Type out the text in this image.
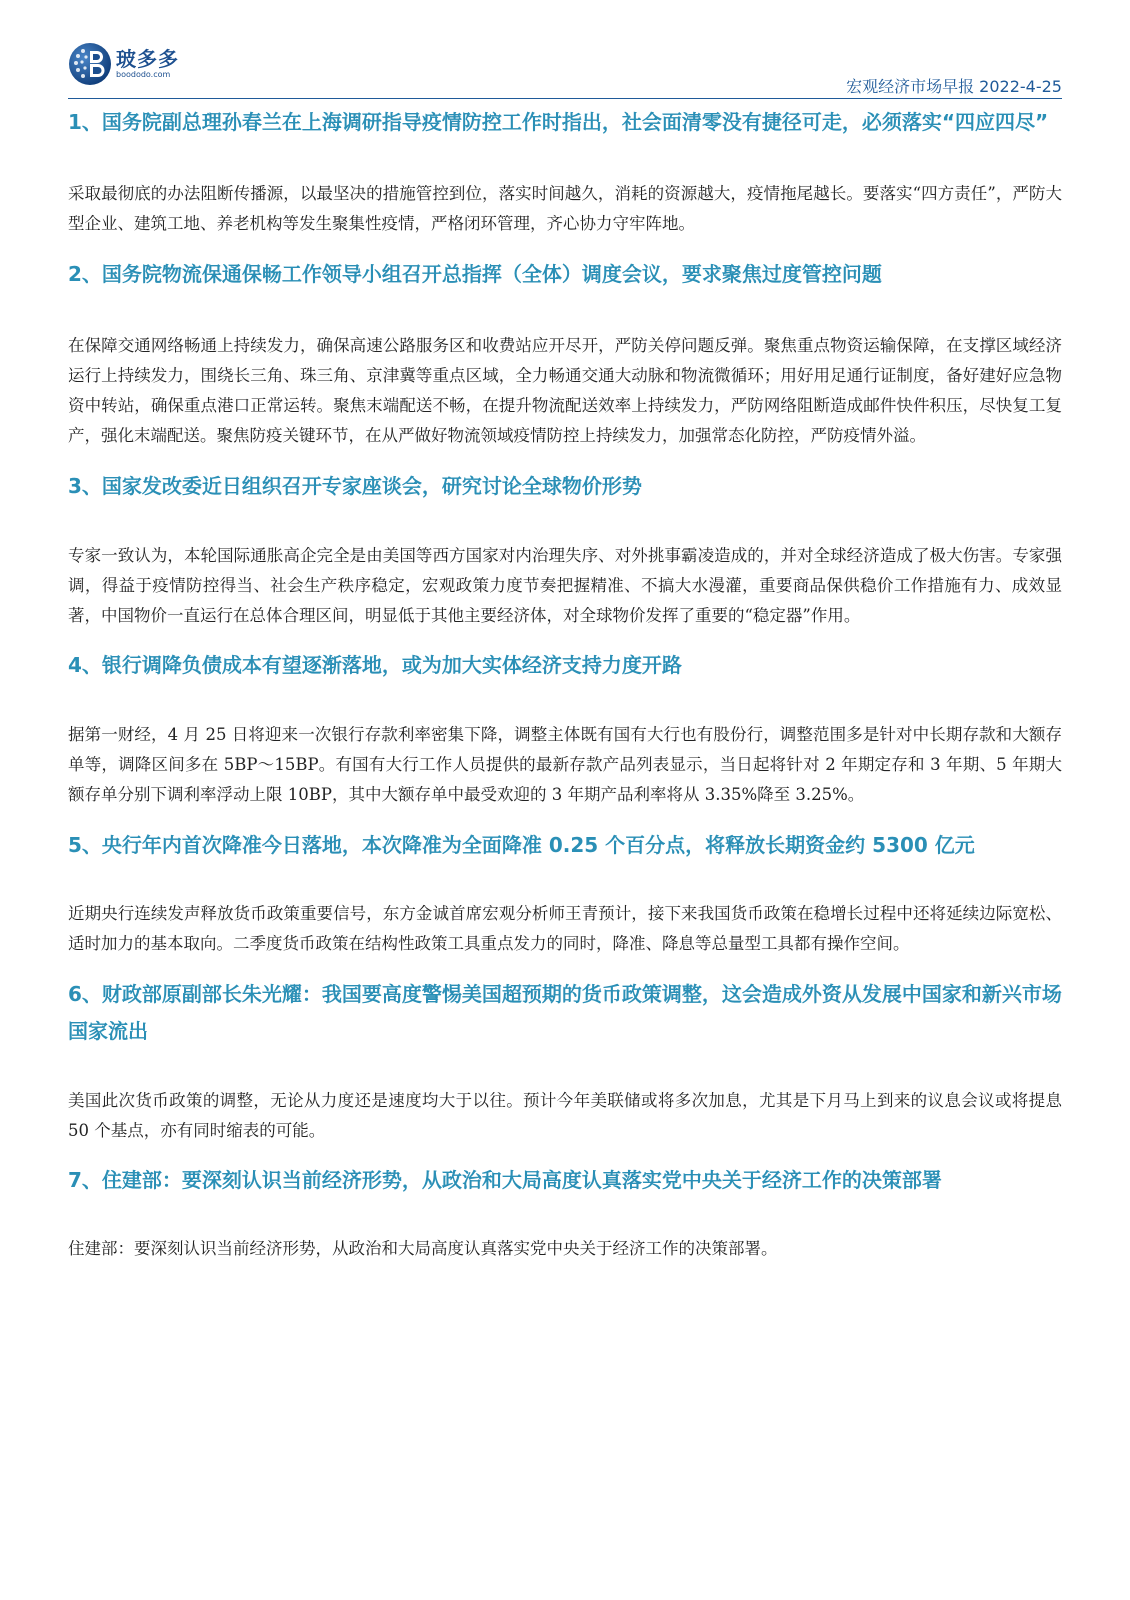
玻多多
boododo.com
宏观经济市场早报 2022-4-25
1、国务院副总理孙春兰在上海调研指导疫情防控工作时指出，社会面清零没有捷径可走，必须落实“四应四尽”

采取最彻底的办法阻断传播源，以最坚决的措施管控到位，落实时间越久，消耗的资源越大，疫情拖尾越长。要落实“四方责任”，严防大型企业、建筑工地、养老机构等发生聚集性疫情，严格闭环管理，齐心协力守牢阵地。

2、国务院物流保通保畅工作领导小组召开总指挥（全体）调度会议，要求聚焦过度管控问题

在保障交通网络畅通上持续发力，确保高速公路服务区和收费站应开尽开，严防关停问题反弹。聚焦重点物资运输保障，在支撑区域经济运行上持续发力，围绕长三角、珠三角、京津冀等重点区域，全力畅通交通大动脉和物流微循环；用好用足通行证制度，备好建好应急物资中转站，确保重点港口正常运转。聚焦末端配送不畅，在提升物流配送效率上持续发力，严防网络阻断造成邮件快件积压，尽快复工复产，强化末端配送。聚焦防疫关键环节，在从严做好物流领域疫情防控上持续发力，加强常态化防控，严防疫情外溢。

3、国家发改委近日组织召开专家座谈会，研究讨论全球物价形势

专家一致认为，本轮国际通胀高企完全是由美国等西方国家对内治理失序、对外挑事霸凌造成的，并对全球经济造成了极大伤害。专家强调，得益于疫情防控得当、社会生产秩序稳定，宏观政策力度节奏把握精准、不搞大水漫灌，重要商品保供稳价工作措施有力、成效显著，中国物价一直运行在总体合理区间，明显低于其他主要经济体，对全球物价发挥了重要的“稳定器”作用。

4、银行调降负债成本有望逐渐落地，或为加大实体经济支持力度开路

据第一财经，4 月 25 日将迎来一次银行存款利率密集下降，调整主体既有国有大行也有股份行，调整范围多是针对中长期存款和大额存单等，调降区间多在 5BP～15BP。有国有大行工作人员提供的最新存款产品列表显示，当日起将针对 2 年期定存和 3 年期、5 年期大额存单分别下调利率浮动上限 10BP，其中大额存单中最受欢迎的 3 年期产品利率将从 3.35%降至 3.25%。

5、央行年内首次降准今日落地，本次降准为全面降准 0.25 个百分点，将释放长期资金约 5300 亿元

近期央行连续发声释放货币政策重要信号，东方金诚首席宏观分析师王青预计，接下来我国货币政策在稳增长过程中还将延续边际宽松、适时加力的基本取向。二季度货币政策在结构性政策工具重点发力的同时，降准、降息等总量型工具都有操作空间。

6、财政部原副部长朱光耀：我国要高度警惕美国超预期的货币政策调整，这会造成外资从发展中国家和新兴市场国家流出

美国此次货币政策的调整，无论从力度还是速度均大于以往。预计今年美联储或将多次加息，尤其是下月马上到来的议息会议或将提息 50 个基点，亦有同时缩表的可能。

7、住建部：要深刻认识当前经济形势，从政治和大局高度认真落实党中央关于经济工作的决策部署

住建部：要深刻认识当前经济形势，从政治和大局高度认真落实党中央关于经济工作的决策部署。
